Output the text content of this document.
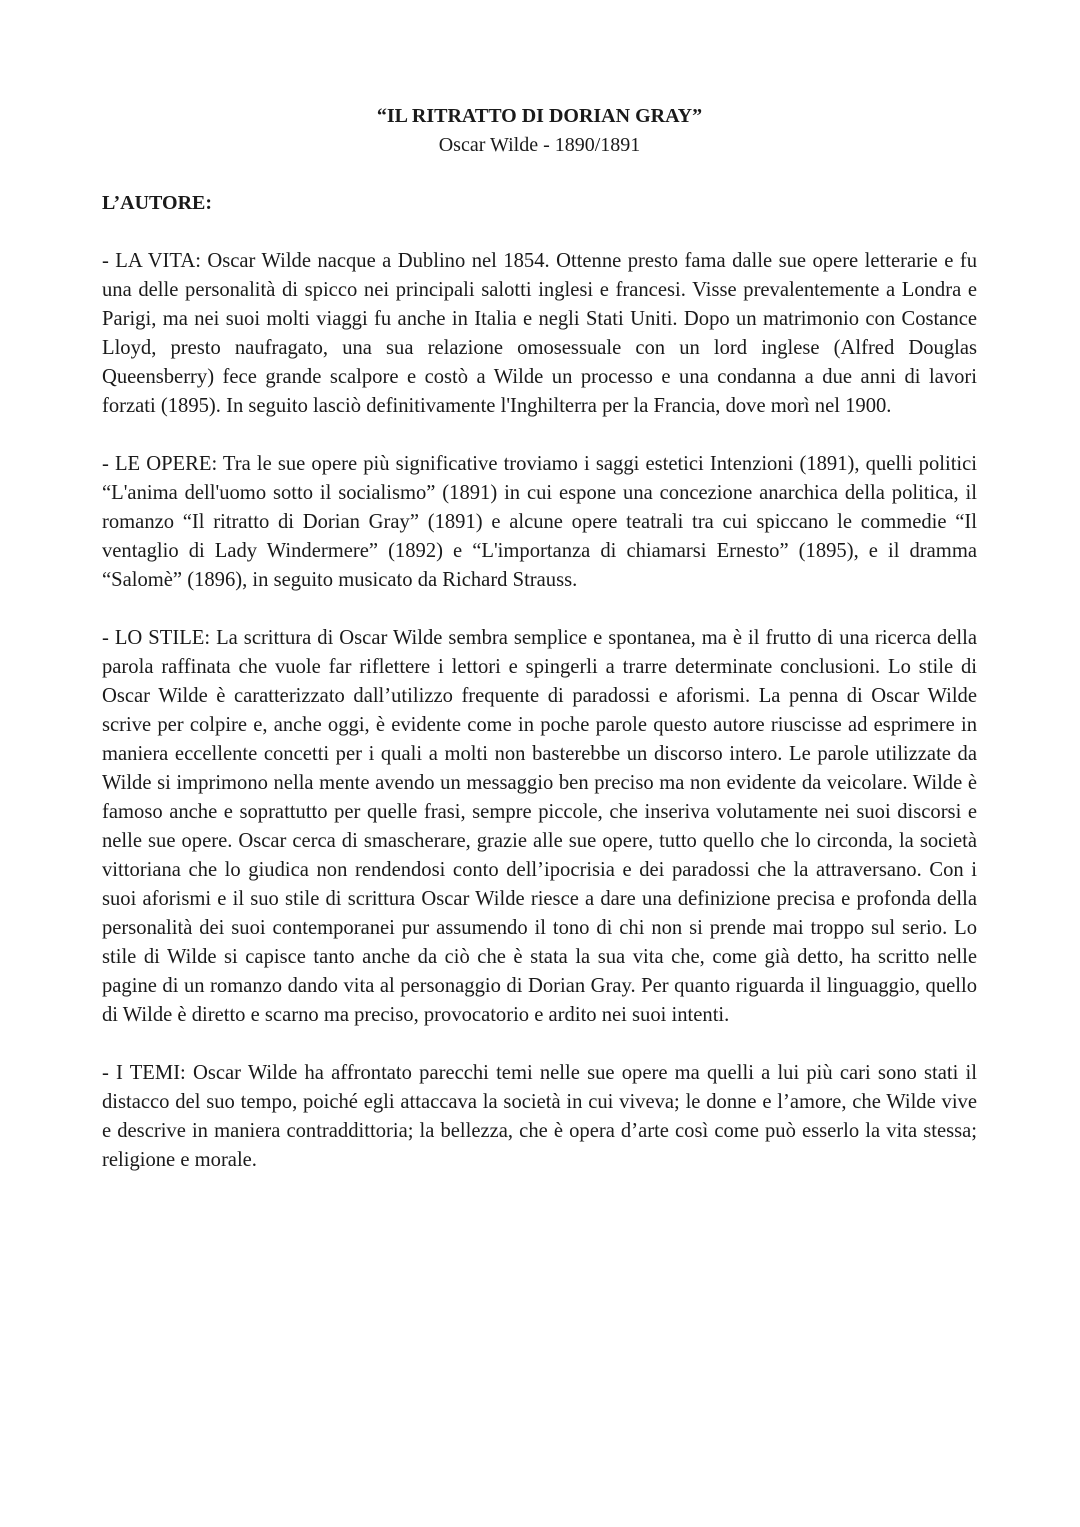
“IL RITRATTO DI DORIAN GRAY”

Oscar Wilde - 1890/1891

L’AUTORE:

- LA VITA: Oscar Wilde nacque a Dublino nel 1854. Ottenne presto fama dalle sue opere letterarie e fu una delle personalità di spicco nei principali salotti inglesi e francesi. Visse prevalentemente a Londra e Parigi, ma nei suoi molti viaggi fu anche in Italia e negli Stati Uniti. Dopo un matrimonio con Costance Lloyd, presto naufragato, una sua relazione omosessuale con un lord inglese (Alfred Douglas Queensberry) fece grande scalpore e costò a Wilde un processo e una condanna a due anni di lavori forzati (1895). In seguito lasciò definitivamente l'Inghilterra per la Francia, dove morì nel 1900.

- LE OPERE: Tra le sue opere più significative troviamo i saggi estetici Intenzioni (1891), quelli politici “L'anima dell'uomo sotto il socialismo” (1891) in cui espone una concezione anarchica della politica, il romanzo “Il ritratto di Dorian Gray” (1891) e alcune opere teatrali tra cui spiccano le commedie “Il ventaglio di Lady Windermere” (1892) e “L'importanza di chiamarsi Ernesto” (1895), e il dramma “Salomè” (1896), in seguito musicato da Richard Strauss.

- LO STILE: La scrittura di Oscar Wilde sembra semplice e spontanea, ma è il frutto di una ricerca della parola raffinata che vuole far riflettere i lettori e spingerli a trarre determinate conclusioni. Lo stile di Oscar Wilde è caratterizzato dall’utilizzo frequente di paradossi e aforismi. La penna di Oscar Wilde scrive per colpire e, anche oggi, è evidente come in poche parole questo autore riuscisse ad esprimere in maniera eccellente concetti per i quali a molti non basterebbe un discorso intero. Le parole utilizzate da Wilde si imprimono nella mente avendo un messaggio ben preciso ma non evidente da veicolare. Wilde è famoso anche e soprattutto per quelle frasi, sempre piccole, che inseriva volutamente nei suoi discorsi e nelle sue opere. Oscar cerca di smascherare, grazie alle sue opere, tutto quello che lo circonda, la società vittoriana che lo giudica non rendendosi conto dell’ipocrisia e dei paradossi che la attraversano. Con i suoi aforismi e il suo stile di scrittura Oscar Wilde riesce a dare una definizione precisa e profonda della personalità dei suoi contemporanei pur assumendo il tono di chi non si prende mai troppo sul serio. Lo stile di Wilde si capisce tanto anche da ciò che è stata la sua vita che, come già detto, ha scritto nelle pagine di un romanzo dando vita al personaggio di Dorian Gray. Per quanto riguarda il linguaggio, quello di Wilde è diretto e scarno ma preciso, provocatorio e ardito nei suoi intenti.

- I TEMI: Oscar Wilde ha affrontato parecchi temi nelle sue opere ma quelli a lui più cari sono stati il distacco del suo tempo, poiché egli attaccava la società in cui viveva; le donne e l’amore, che Wilde vive e descrive in maniera contraddittoria; la bellezza, che è opera d’arte così come può esserlo la vita stessa; religione e morale.
